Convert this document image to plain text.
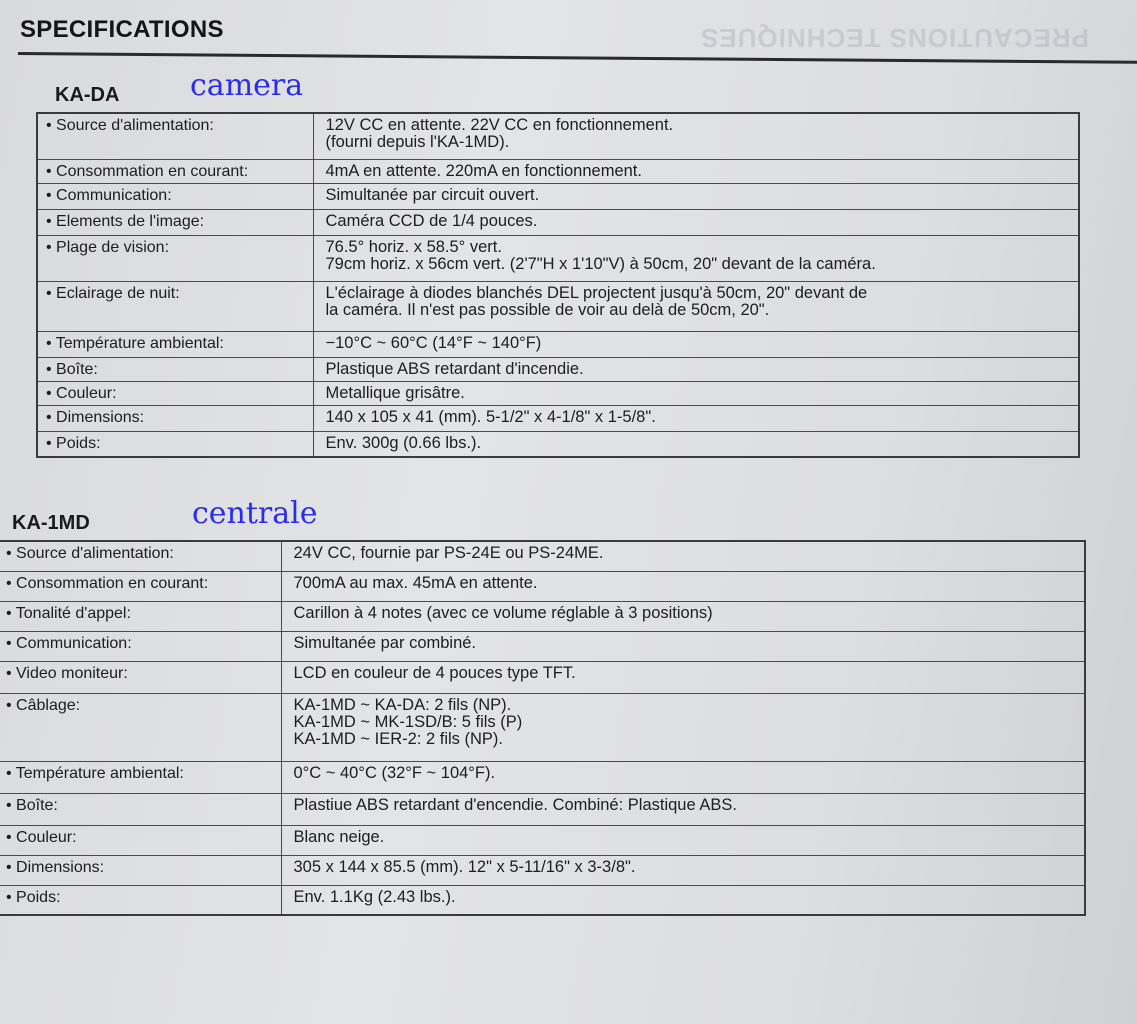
PRECAUTIONS TECHNIQUES
SPECIFICATIONS
KA-DA camera
• Source d'alimentation:	12V CC en attente. 22V CC en fonctionnement.
(fourni depuis l'KA-1MD).
• Consommation en courant:	4mA en attente. 220mA en fonctionnement.
• Communication:	Simultanée par circuit ouvert.
• Elements de l'image:	Caméra CCD de 1/4 pouces.
• Plage de vision:	76.5° horiz. x 58.5° vert.
79cm horiz. x 56cm vert. (2'7"H x 1'10"V) à 50cm, 20" devant de la caméra.
• Eclairage de nuit:	L'éclairage à diodes blanchés DEL projectent jusqu'à 50cm, 20" devant de
la caméra. Il n'est pas possible de voir au delà de 50cm, 20".
• Température ambiental:	−10°C ~ 60°C (14°F ~ 140°F)
• Boîte:	Plastique ABS retardant d'incendie.
• Couleur:	Metallique grisâtre.
• Dimensions:	140 x 105 x 41 (mm). 5-1/2" x 4-1/8" x 1-5/8".
• Poids:	Env. 300g (0.66 lbs.).
KA-1MD	centrale
• Source d'alimentation:	24V CC, fournie par PS-24E ou PS-24ME.
• Consommation en courant:	700mA au max. 45mA en attente.
• Tonalité d'appel:	Carillon à 4 notes (avec ce volume réglable à 3 positions)
• Communication:	Simultanée par combiné.
• Video moniteur:	LCD en couleur de 4 pouces type TFT.
• Câblage:	KA-1MD ~ KA-DA: 2 fils (NP).
KA-1MD ~ MK-1SD/B: 5 fils (P)
KA-1MD ~ IER-2: 2 fils (NP).
• Température ambiental:	0°C ~ 40°C (32°F ~ 104°F).
• Boîte:	Plastiue ABS retardant d'encendie. Combiné: Plastique ABS.
• Couleur:	Blanc neige.
• Dimensions:	305 x 144 x 85.5 (mm). 12" x 5-11/16" x 3-3/8".
• Poids:	Env. 1.1Kg (2.43 lbs.).
